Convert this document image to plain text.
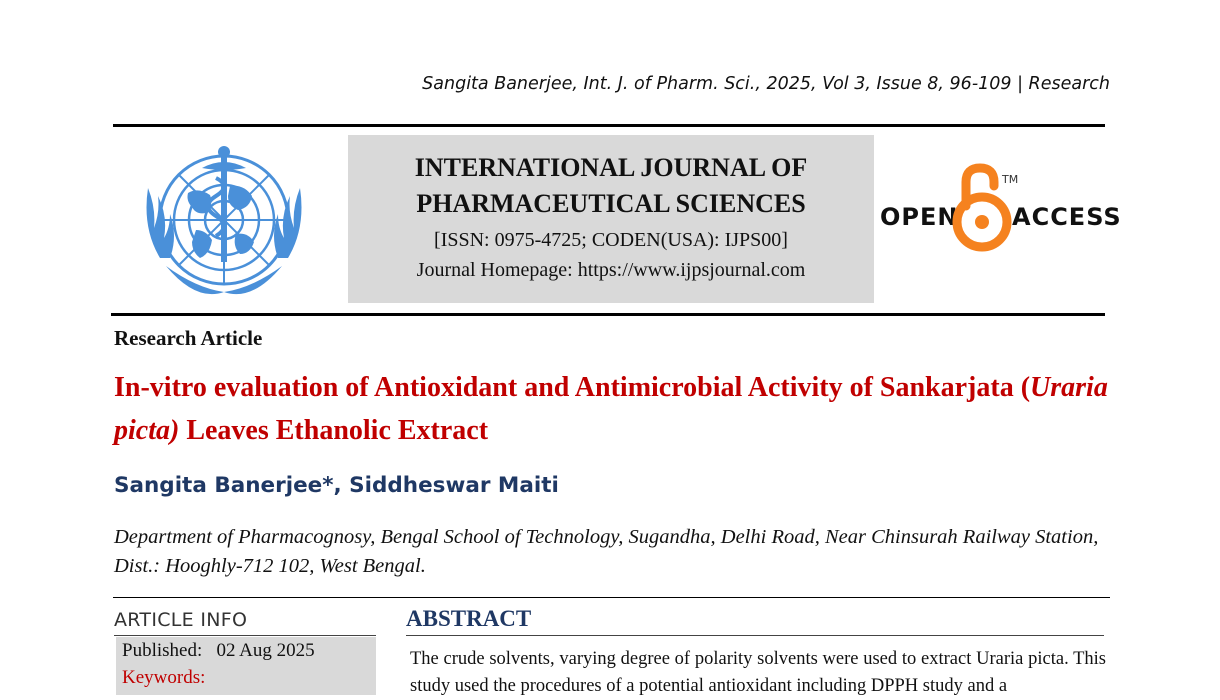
Sangita Banerjee, Int. J. of Pharm. Sci., 2025, Vol 3, Issue 8, 96-109 | Research
INTERNATIONAL JOURNAL OF
PHARMACEUTICAL SCIENCES
[ISSN: 0975-4725; CODEN(USA): IJPS00]
Journal Homepage: https://www.ijpsjournal.com
OPEN
TM
ACCESS
Research Article
In-vitro evaluation of Antioxidant and Antimicrobial Activity of Sankarjata (Uraria picta) Leaves Ethanolic Extract
Sangita Banerjee*, Siddheswar Maiti
Department of Pharmacognosy, Bengal School of Technology, Sugandha, Delhi Road, Near Chinsurah Railway Station, Dist.: Hooghly-712 102, West Bengal.
ARTICLE INFO
Published: 02 Aug 2025
Keywords:
ABSTRACT
The crude solvents, varying degree of polarity solvents were used to extract Uraria picta. This study used the procedures of a potential antioxidant including DPPH study and a
